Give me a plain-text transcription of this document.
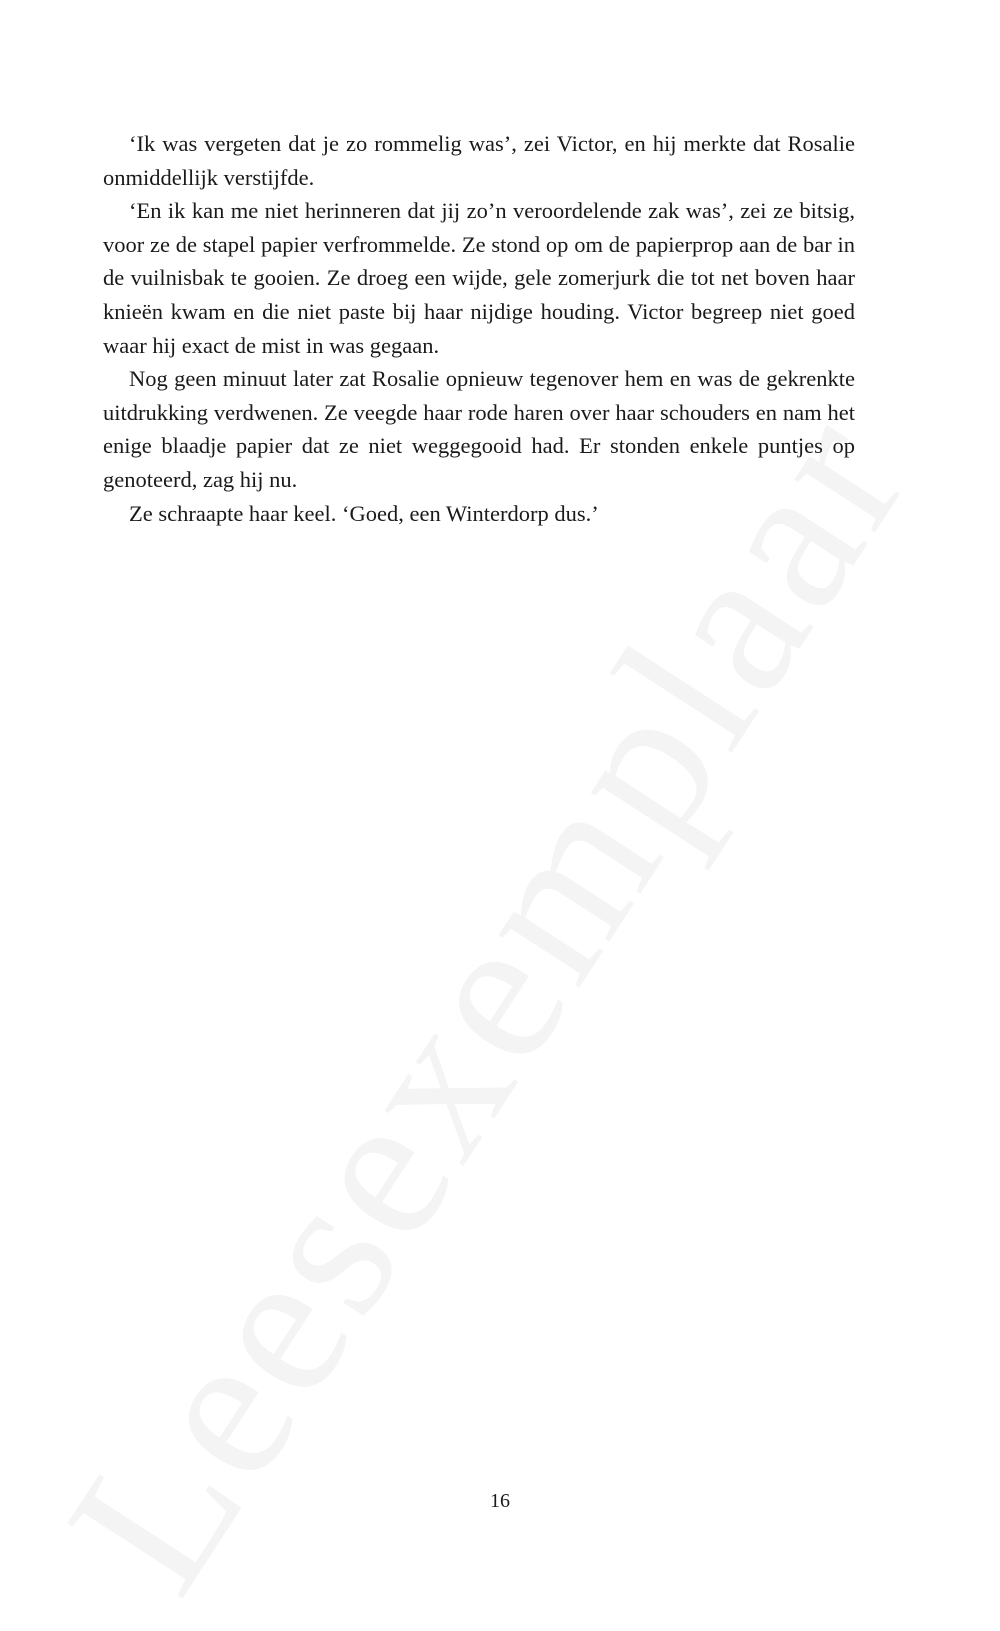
‘Ik was vergeten dat je zo rommelig was’, zei Victor, en hij merkte dat Rosalie onmiddellijk verstijfde.

‘En ik kan me niet herinneren dat jij zo’n veroordelende zak was’, zei ze bitsig, voor ze de stapel papier verfrommelde. Ze stond op om de papierprop aan de bar in de vuilnisbak te gooien. Ze droeg een wijde, gele zomerjurk die tot net boven haar knieën kwam en die niet paste bij haar nijdige houding. Victor begreep niet goed waar hij exact de mist in was gegaan.

Nog geen minuut later zat Rosalie opnieuw tegenover hem en was de gekrenkte uitdrukking verdwenen. Ze veegde haar rode haren over haar schouders en nam het enige blaadje papier dat ze niet weggegooid had. Er stonden enkele puntjes op genoteerd, zag hij nu.

Ze schraapte haar keel. ‘Goed, een Winterdorp dus.’

16
